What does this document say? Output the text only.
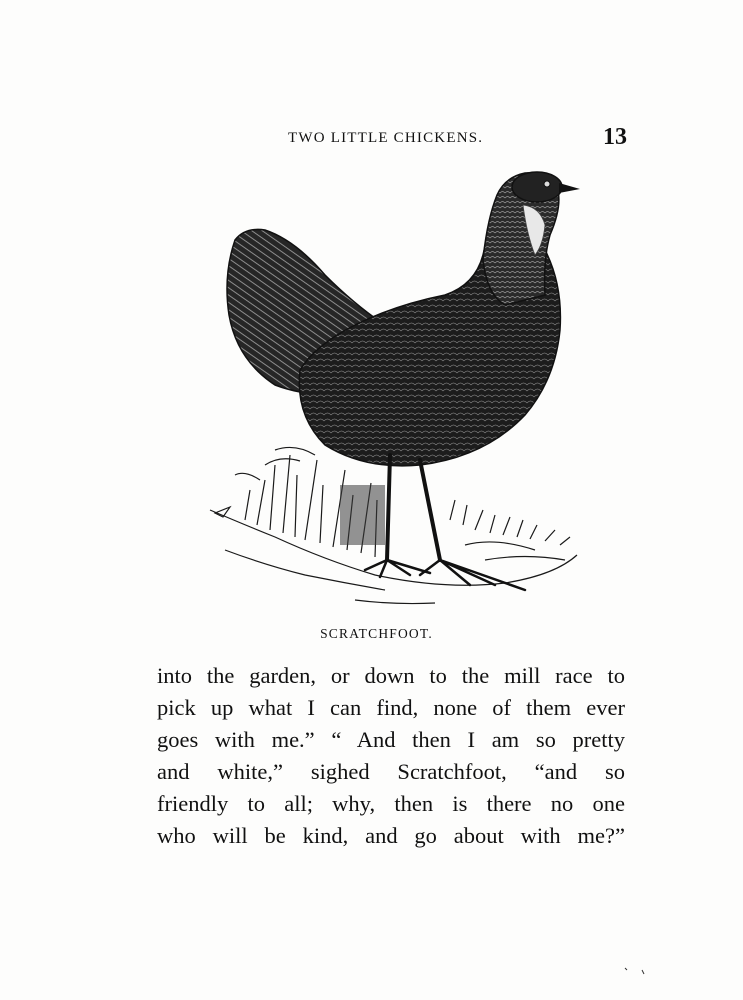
TWO LITTLE CHICKENS.	13
SCRATCHFOOT.
into the garden, or down to the mill race to
pick up what I can find, none of them ever
goes with me.” “ And then I am so pretty
and white,” sighed Scratchfoot, “and so
friendly to all; why, then is there no one
who will be kind, and go about with me?”
